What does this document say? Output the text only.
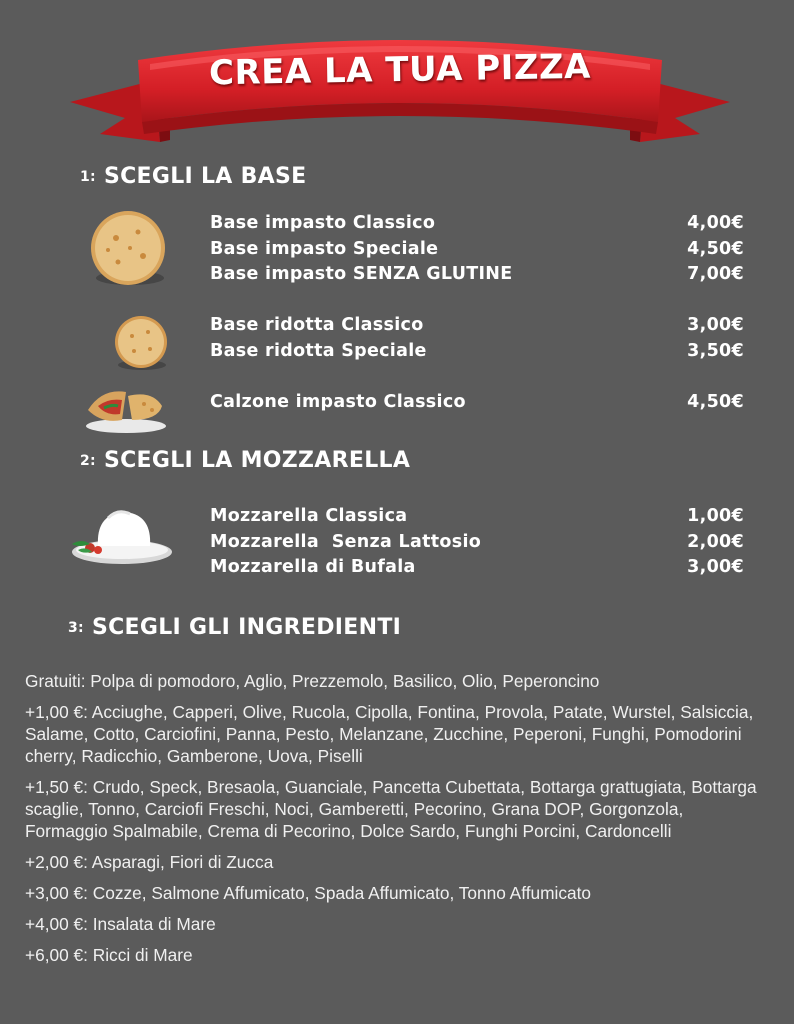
CREA LA TUA PIZZA
1: SCEGLI LA BASE
Base impasto Classico	4,00€
Base impasto Speciale	4,50€
Base impasto SENZA GLUTINE	7,00€
Base ridotta Classico	3,00€
Base ridotta Speciale	3,50€
Calzone impasto Classico	4,50€
2: SCEGLI LA MOZZARELLA
Mozzarella Classica	1,00€
Mozzarella  Senza Lattosio	2,00€
Mozzarella di Bufala	3,00€
3: SCEGLI GLI INGREDIENTI
Gratuiti: Polpa di pomodoro, Aglio, Prezzemolo, Basilico, Olio, Peperoncino
+1,00 €: Acciughe, Capperi, Olive, Rucola, Cipolla, Fontina, Provola, Patate, Wurstel, Salsiccia, Salame, Cotto, Carciofini, Panna, Pesto, Melanzane, Zucchine, Peperoni, Funghi, Pomodorini cherry, Radicchio, Gamberone, Uova, Piselli
+1,50 €: Crudo, Speck, Bresaola, Guanciale, Pancetta Cubettata, Bottarga grattugiata, Bottarga scaglie, Tonno, Carciofi Freschi, Noci, Gamberetti, Pecorino, Grana DOP, Gorgonzola, Formaggio Spalmabile, Crema di Pecorino, Dolce Sardo, Funghi Porcini, Cardoncelli
+2,00 €: Asparagi, Fiori di Zucca
+3,00 €: Cozze, Salmone Affumicato, Spada Affumicato, Tonno Affumicato
+4,00 €: Insalata di Mare
+6,00 €: Ricci di Mare
